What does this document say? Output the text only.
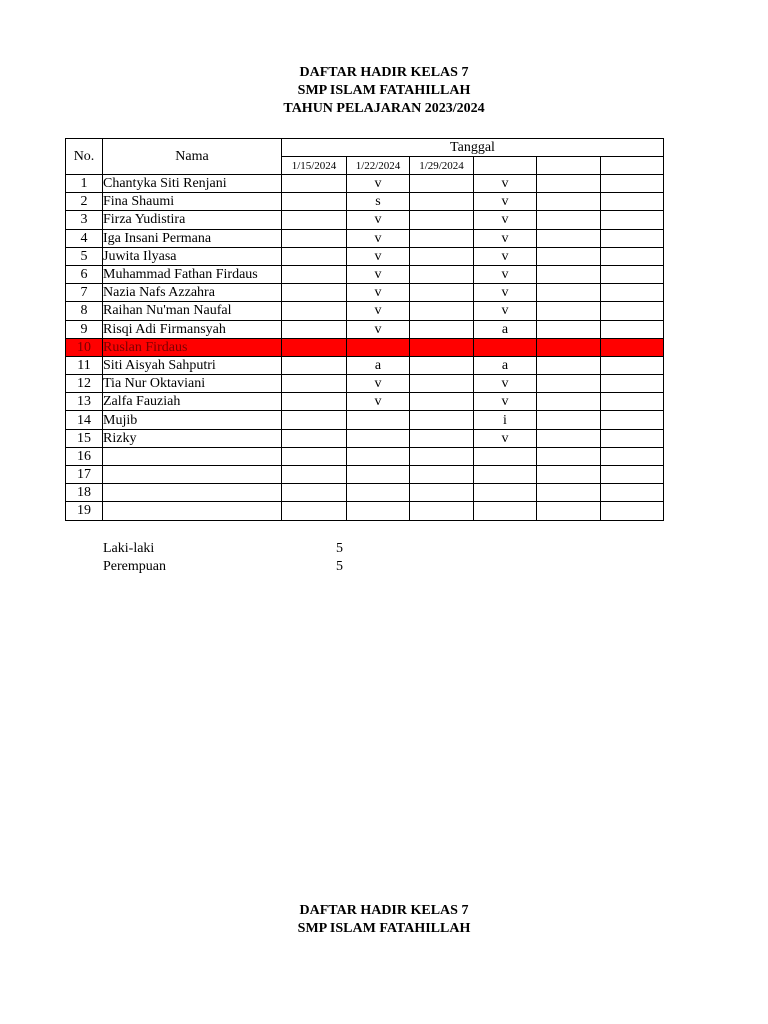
DAFTAR HADIR KELAS 7
SMP ISLAM FATAHILLAH
TAHUN PELAJARAN 2023/2024
No.	Nama	Tanggal					
		1/15/2024	1/22/2024	1/29/2024			
1	Chantyka Siti Renjani		v		v		
2	Fina Shaumi		s		v		
3	Firza Yudistira		v		v		
4	Iga Insani Permana		v		v		
5	Juwita Ilyasa		v		v		
6	Muhammad Fathan Firdaus		v		v		
7	Nazia Nafs Azzahra		v		v		
8	Raihan Nu'man Naufal		v		v		
9	Risqi Adi Firmansyah		v		a		
10	Ruslan Firdaus						
11	Siti Aisyah Sahputri		a		a		
12	Tia Nur Oktaviani		v		v		
13	Zalfa Fauziah		v		v		
14	Mujib				i		
15	Rizky				v		
16							
17							
18							
19							
Laki-laki	5
Perempuan	5
DAFTAR HADIR KELAS 7
SMP ISLAM FATAHILLAH
